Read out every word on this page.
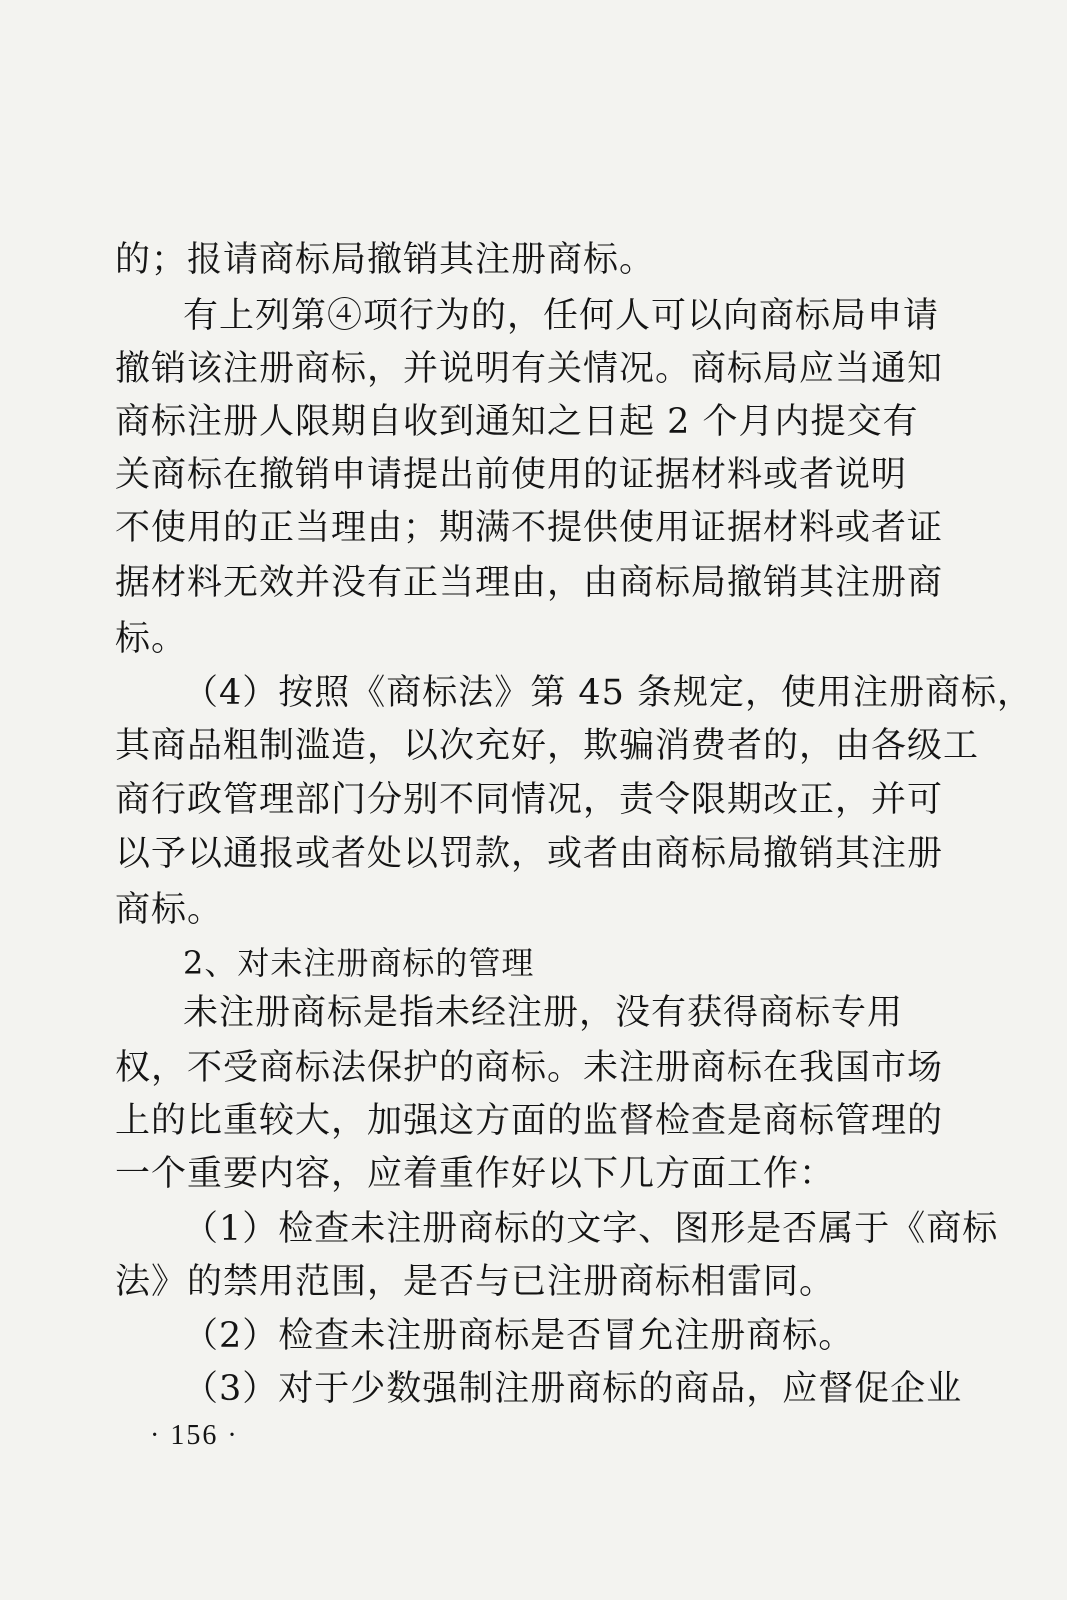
的；报请商标局撤销其注册商标。
有上列第④项行为的，任何人可以向商标局申请
撤销该注册商标，并说明有关情况。商标局应当通知
商标注册人限期自收到通知之日起 2 个月内提交有
关商标在撤销申请提出前使用的证据材料或者说明
不使用的正当理由；期满不提供使用证据材料或者证
据材料无效并没有正当理由，由商标局撤销其注册商
标。
（4）按照《商标法》第 45 条规定，使用注册商标，
其商品粗制滥造，以次充好，欺骗消费者的，由各级工
商行政管理部门分别不同情况，责令限期改正，并可
以予以通报或者处以罚款，或者由商标局撤销其注册
商标。
2、对未注册商标的管理
未注册商标是指未经注册，没有获得商标专用
权，不受商标法保护的商标。未注册商标在我国市场
上的比重较大，加强这方面的监督检查是商标管理的
一个重要内容，应着重作好以下几方面工作：
（1）检查未注册商标的文字、图形是否属于《商标
法》的禁用范围，是否与已注册商标相雷同。
（2）检查未注册商标是否冒允注册商标。
（3）对于少数强制注册商标的商品，应督促企业
· 156 ·
